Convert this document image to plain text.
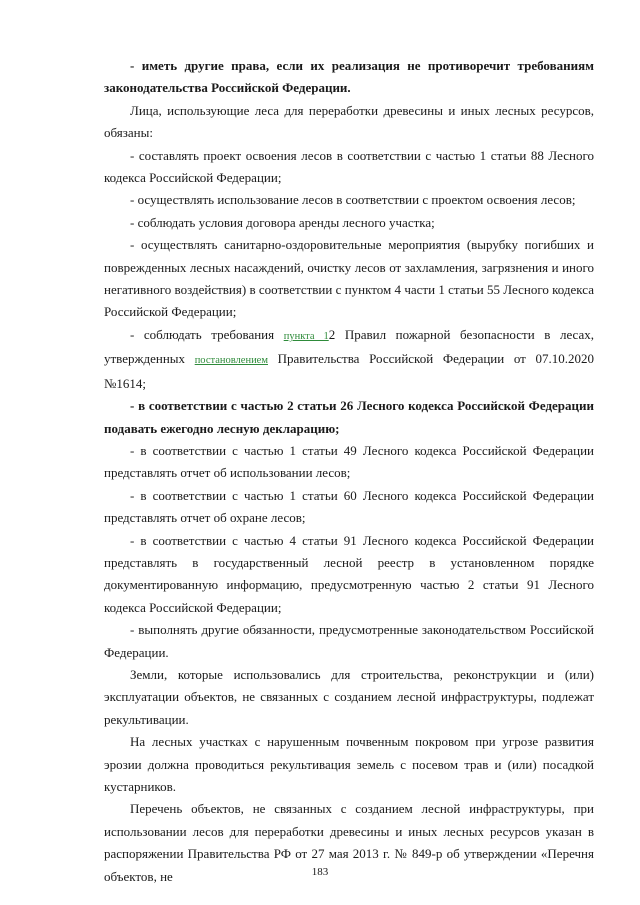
- иметь другие права, если их реализация не противоречит требованиям законодательства Российской Федерации.

Лица, использующие леса для переработки древесины и иных лесных ресурсов, обязаны:

- составлять проект освоения лесов в соответствии с частью 1 статьи 88 Лесного кодекса Российской Федерации;

- осуществлять использование лесов в соответствии с проектом освоения лесов;

- соблюдать условия договора аренды лесного участка;

- осуществлять санитарно-оздоровительные мероприятия (вырубку погибших и поврежденных лесных насаждений, очистку лесов от захламления, загрязнения и иного негативного воздействия) в соответствии с пунктом 4 части 1 статьи 55 Лесного кодекса Российской Федерации;

- соблюдать требования пункта 12 Правил пожарной безопасности в лесах, утвержденных постановлением Правительства Российской Федерации от 07.10.2020 №1614;

- в соответствии с частью 2 статьи 26 Лесного кодекса Российской Федерации подавать ежегодно лесную декларацию;

- в соответствии с частью 1 статьи 49 Лесного кодекса Российской Федерации представлять отчет об использовании лесов;

- в соответствии с частью 1 статьи 60 Лесного кодекса Российской Федерации представлять отчет об охране лесов;

- в соответствии с частью 4 статьи 91 Лесного кодекса Российской Федерации представлять в государственный лесной реестр в установленном порядке документированную информацию, предусмотренную частью 2 статьи 91 Лесного кодекса Российской Федерации;

- выполнять другие обязанности, предусмотренные законодательством Российской Федерации.

Земли, которые использовались для строительства, реконструкции и (или) эксплуатации объектов, не связанных с созданием лесной инфраструктуры, подлежат рекультивации.

На лесных участках с нарушенным почвенным покровом при угрозе развития эрозии должна проводиться рекультивация земель с посевом трав и (или) посадкой кустарников.

Перечень объектов, не связанных с созданием лесной инфраструктуры, при использовании лесов для переработки древесины и иных лесных ресурсов указан в распоряжении Правительства РФ от 27 мая 2013 г. № 849-р об утверждении «Перечня объектов, не	183
